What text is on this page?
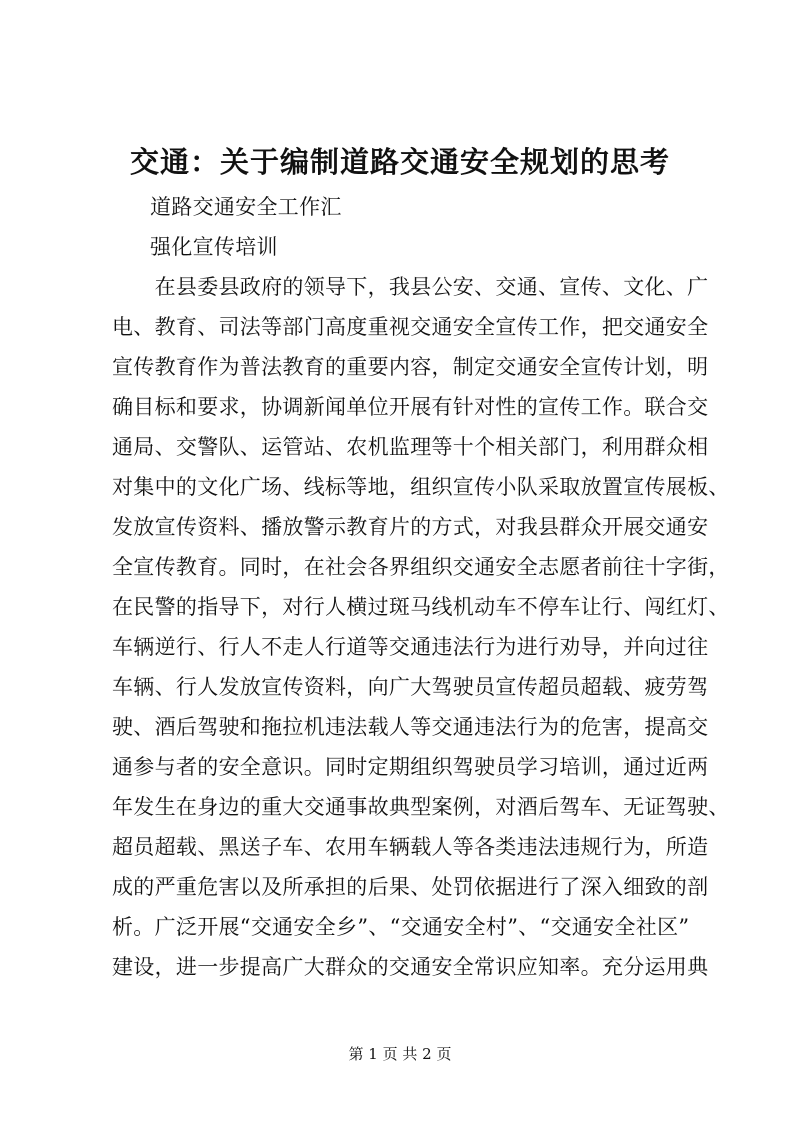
交通：关于编制道路交通安全规划的思考

道路交通安全工作汇

强化宣传培训

　　在县委县政府的领导下，我县公安、交通、宣传、文化、广

电、教育、司法等部门高度重视交通安全宣传工作，把交通安全

宣传教育作为普法教育的重要内容，制定交通安全宣传计划，明

确目标和要求，协调新闻单位开展有针对性的宣传工作。联合交

通局、交警队、运管站、农机监理等十个相关部门，利用群众相

对集中的文化广场、线标等地，组织宣传小队采取放置宣传展板、

发放宣传资料、播放警示教育片的方式，对我县群众开展交通安

全宣传教育。同时，在社会各界组织交通安全志愿者前往十字街，

在民警的指导下，对行人横过斑马线机动车不停车让行、闯红灯、

车辆逆行、行人不走人行道等交通违法行为进行劝导，并向过往

车辆、行人发放宣传资料，向广大驾驶员宣传超员超载、疲劳驾

驶、酒后驾驶和拖拉机违法载人等交通违法行为的危害，提高交

通参与者的安全意识。同时定期组织驾驶员学习培训，通过近两

年发生在身边的重大交通事故典型案例，对酒后驾车、无证驾驶、

超员超载、黑送子车、农用车辆载人等各类违法违规行为，所造

成的严重危害以及所承担的后果、处罚依据进行了深入细致的剖

析。广泛开展“交通安全乡”、“交通安全村”、“交通安全社区”

建设，进一步提高广大群众的交通安全常识应知率。充分运用典

第 1 页 共 2 页
